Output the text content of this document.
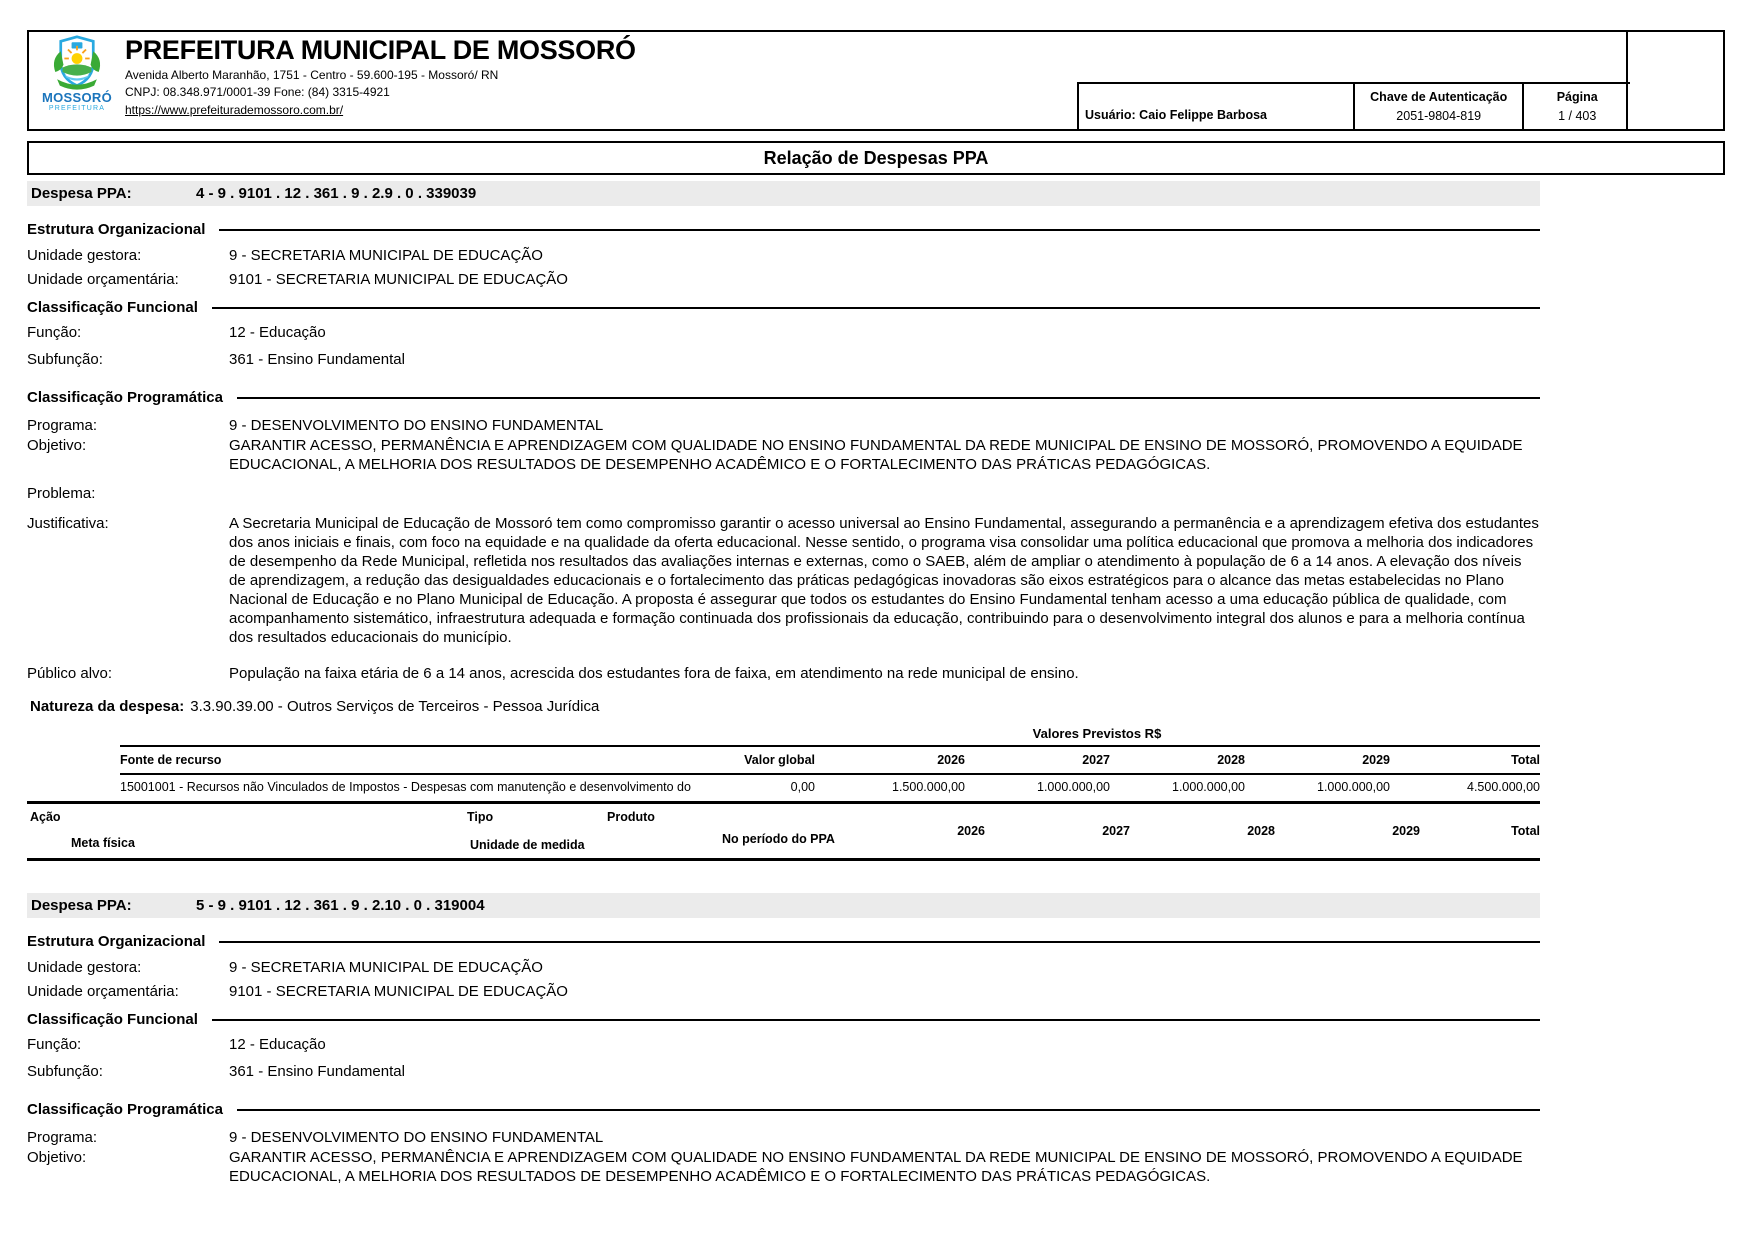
MOSSORÓ
PREFEITURA
PREFEITURA MUNICIPAL DE MOSSORÓ
Avenida Alberto Maranhão, 1751 - Centro - 59.600-195 - Mossoró/ RN
CNPJ: 08.348.971/0001-39 Fone: (84) 3315-4921
https://www.prefeiturademossoro.com.br/	Usuário: Caio Felippe Barbosa
Chave de Autenticação
2051-9804-819
Página
1 / 403
Relação de Despesas PPA
Despesa PPA:	4 - 9 . 9101 . 12 . 361 . 9 . 2.9 . 0 . 339039
Estrutura Organizacional
Unidade gestora:	9 - SECRETARIA MUNICIPAL DE EDUCAÇÃO
Unidade orçamentária:	9101 - SECRETARIA MUNICIPAL DE EDUCAÇÃO
Classificação Funcional
Função:	12 - Educação
Subfunção:	361 - Ensino Fundamental
Classificação Programática
Programa:	9 - DESENVOLVIMENTO DO ENSINO FUNDAMENTAL
Objetivo:	GARANTIR ACESSO, PERMANÊNCIA E APRENDIZAGEM COM QUALIDADE NO ENSINO FUNDAMENTAL DA REDE MUNICIPAL DE ENSINO DE MOSSORÓ, PROMOVENDO A EQUIDADE EDUCACIONAL, A MELHORIA DOS RESULTADOS DE DESEMPENHO ACADÊMICO E O FORTALECIMENTO DAS PRÁTICAS PEDAGÓGICAS.
Problema:
Justificativa:	A Secretaria Municipal de Educação de Mossoró tem como compromisso garantir o acesso universal ao Ensino Fundamental, assegurando a permanência e a aprendizagem efetiva dos estudantes dos anos iniciais e finais, com foco na equidade e na qualidade da oferta educacional. Nesse sentido, o programa visa consolidar uma política educacional que promova a melhoria dos indicadores de desempenho da Rede Municipal, refletida nos resultados das avaliações internas e externas, como o SAEB, além de ampliar o atendimento à população de 6 a 14 anos. A elevação dos níveis de aprendizagem, a redução das desigualdades educacionais e o fortalecimento das práticas pedagógicas inovadoras são eixos estratégicos para o alcance das metas estabelecidas no Plano Nacional de Educação e no Plano Municipal de Educação. A proposta é assegurar que todos os estudantes do Ensino Fundamental tenham acesso a uma educação pública de qualidade, com acompanhamento sistemático, infraestrutura adequada e formação continuada dos profissionais da educação, contribuindo para o desenvolvimento integral dos alunos e para a melhoria contínua dos resultados educacionais do município.
Público alvo:	População na faixa etária de 6 a 14 anos, acrescida dos estudantes fora de faixa, em atendimento na rede municipal de ensino.
Natureza da despesa: 3.3.90.39.00 - Outros Serviços de Terceiros - Pessoa Jurídica
Valores Previstos R$
Fonte de recurso	Valor global	2026	2027	2028	2029	Total
15001001 - Recursos não Vinculados de Impostos - Despesas com manutenção e desenvolvimento do	0,00	1.500.000,00	1.000.000,00	1.000.000,00	1.000.000,00	4.500.000,00
Ação	Tipo	Produto
Meta física	Unidade de medida	No período do PPA
2026	2027	2028	2029	Total
Despesa PPA:	5 - 9 . 9101 . 12 . 361 . 9 . 2.10 . 0 . 319004
Estrutura Organizacional
Unidade gestora:	9 - SECRETARIA MUNICIPAL DE EDUCAÇÃO
Unidade orçamentária:	9101 - SECRETARIA MUNICIPAL DE EDUCAÇÃO
Classificação Funcional
Função:	12 - Educação
Subfunção:	361 - Ensino Fundamental
Classificação Programática
Programa:	9 - DESENVOLVIMENTO DO ENSINO FUNDAMENTAL
Objetivo:	GARANTIR ACESSO, PERMANÊNCIA E APRENDIZAGEM COM QUALIDADE NO ENSINO FUNDAMENTAL DA REDE MUNICIPAL DE ENSINO DE MOSSORÓ, PROMOVENDO A EQUIDADE EDUCACIONAL, A MELHORIA DOS RESULTADOS DE DESEMPENHO ACADÊMICO E O FORTALECIMENTO DAS PRÁTICAS PEDAGÓGICAS.
